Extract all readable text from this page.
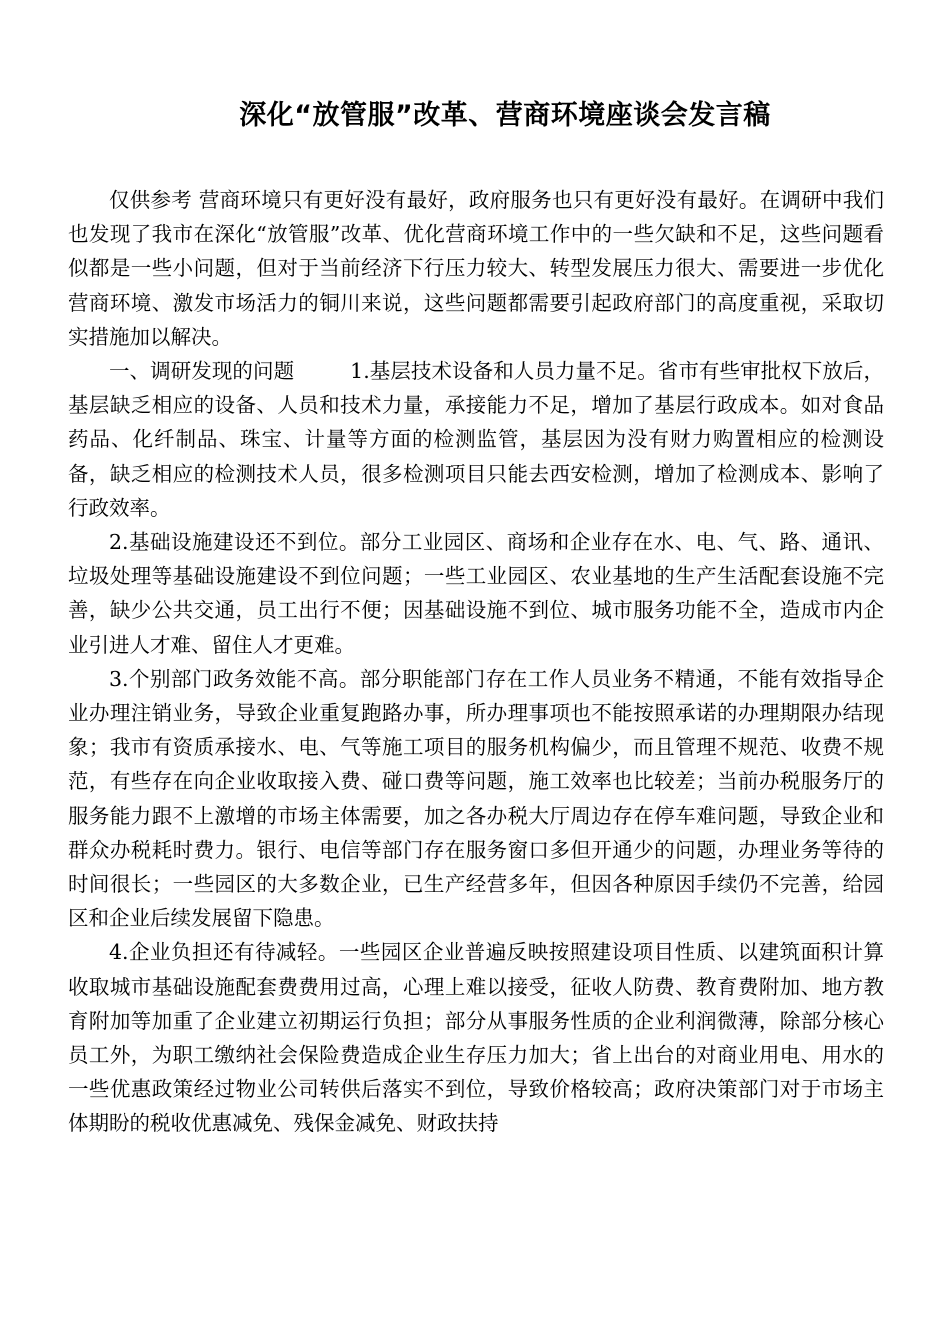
深化“放管服”改革、营商环境座谈会发言稿

仅供参考 营商环境只有更好没有最好，政府服务也只有更好没有最好。在调研中我们也发现了我市在深化“放管服”改革、优化营商环境工作中的一些欠缺和不足，这些问题看似都是一些小问题，但对于当前经济下行压力较大、转型发展压力很大、需要进一步优化营商环境、激发市场活力的铜川来说，这些问题都需要引起政府部门的高度重视，采取切实措施加以解决。

一、调研发现的问题	1.基层技术设备和人员力量不足。省市有些审批权下放后，基层缺乏相应的设备、人员和技术力量，承接能力不足，增加了基层行政成本。如对食品药品、化纤制品、珠宝、计量等方面的检测监管，基层因为没有财力购置相应的检测设备，缺乏相应的检测技术人员，很多检测项目只能去西安检测，增加了检测成本、影响了行政效率。

2.基础设施建设还不到位。部分工业园区、商场和企业存在水、电、气、路、通讯、垃圾处理等基础设施建设不到位问题；一些工业园区、农业基地的生产生活配套设施不完善，缺少公共交通，员工出行不便；因基础设施不到位、城市服务功能不全，造成市内企业引进人才难、留住人才更难。

3.个别部门政务效能不高。部分职能部门存在工作人员业务不精通，不能有效指导企业办理注销业务，导致企业重复跑路办事，所办理事项也不能按照承诺的办理期限办结现象；我市有资质承接水、电、气等施工项目的服务机构偏少，而且管理不规范、收费不规范，有些存在向企业收取接入费、碰口费等问题，施工效率也比较差；当前办税服务厅的服务能力跟不上激增的市场主体需要，加之各办税大厅周边存在停车难问题，导致企业和群众办税耗时费力。银行、电信等部门存在服务窗口多但开通少的问题，办理业务等待的时间很长；一些园区的大多数企业，已生产经营多年，但因各种原因手续仍不完善，给园区和企业后续发展留下隐患。

4.企业负担还有待减轻。一些园区企业普遍反映按照建设项目性质、以建筑面积计算收取城市基础设施配套费费用过高，心理上难以接受，征收人防费、教育费附加、地方教育附加等加重了企业建立初期运行负担；部分从事服务性质的企业利润微薄，除部分核心员工外，为职工缴纳社会保险费造成企业生存压力加大；省上出台的对商业用电、用水的一些优惠政策经过物业公司转供后落实不到位，导致价格较高；政府决策部门对于市场主体期盼的税收优惠减免、残保金减免、财政扶持
